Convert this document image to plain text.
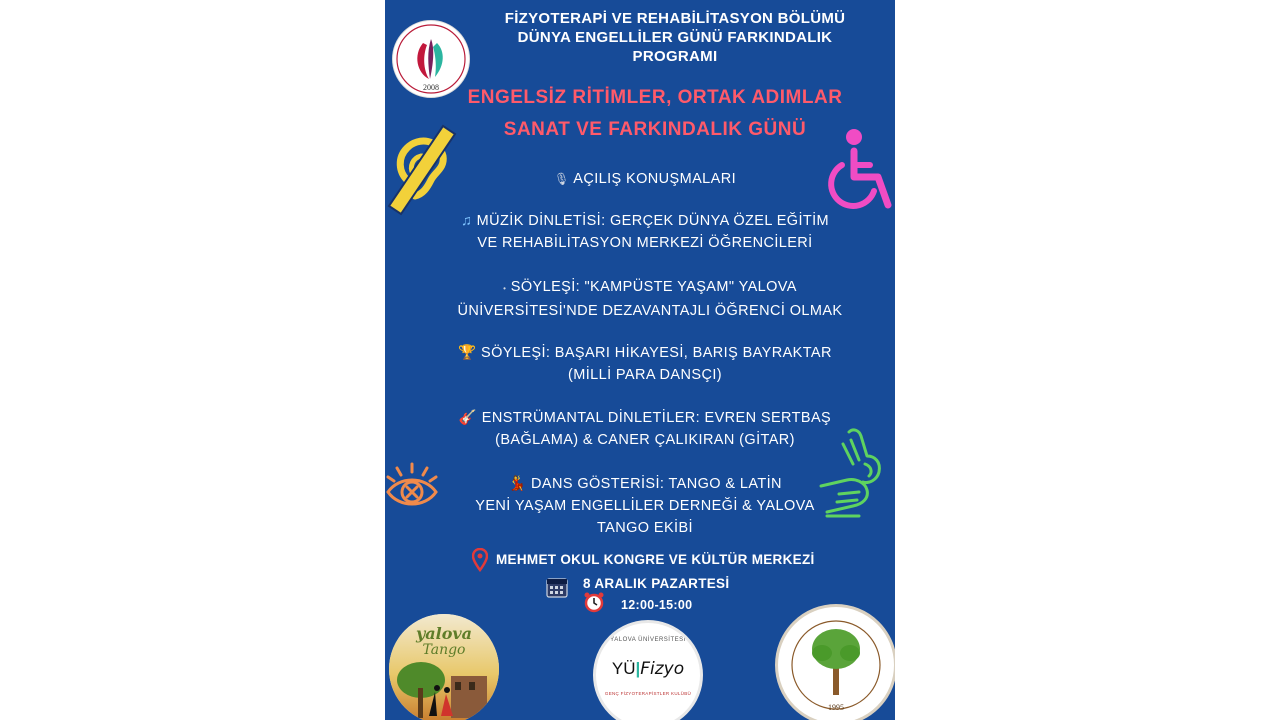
2008
FİZYOTERAPİ VE REHABİLİTASYON BÖLÜMÜ
DÜNYA ENGELLİLER GÜNÜ FARKINDALIK
PROGRAMI
ENGELSİZ RİTİMLER, ORTAK ADIMLAR
SANAT VE FARKINDALIK GÜNÜ
🎙 AÇILIŞ KONUŞMALARI
♫ MÜZİK DİNLETİSİ: GERÇEK DÜNYA ÖZEL EĞİTİM
VE REHABİLİTASYON MERKEZİ ÖĞRENCİLERİ
• SÖYLEŞİ: "KAMPÜSTE YAŞAM" YALOVA
ÜNİVERSİTESİ'NDE DEZAVANTAJLI ÖĞRENCİ OLMAK
🏆 SÖYLEŞİ: BAŞARI HİKAYESİ, BARIŞ BAYRAKTAR
(MİLLİ PARA DANSÇI)
🎸 ENSTRÜMANTAL DİNLETİLER: EVREN SERTBAŞ
(BAĞLAMA) & CANER ÇALIKIRAN (GİTAR)
💃 DANS GÖSTERİSİ: TANGO & LATİN
YENİ YAŞAM ENGELLİLER DERNEĞİ & YALOVA
TANGO EKİBİ
MEHMET OKUL KONGRE VE KÜLTÜR MERKEZİ
8 ARALIK PAZARTESİ
12:00-15:00
yalova
Tango
YALOVA ÜNİVERSİTESİ
YÜ|Fizyo
GENÇ FİZYOTERAPİSTLER KULÜBÜ
1995
